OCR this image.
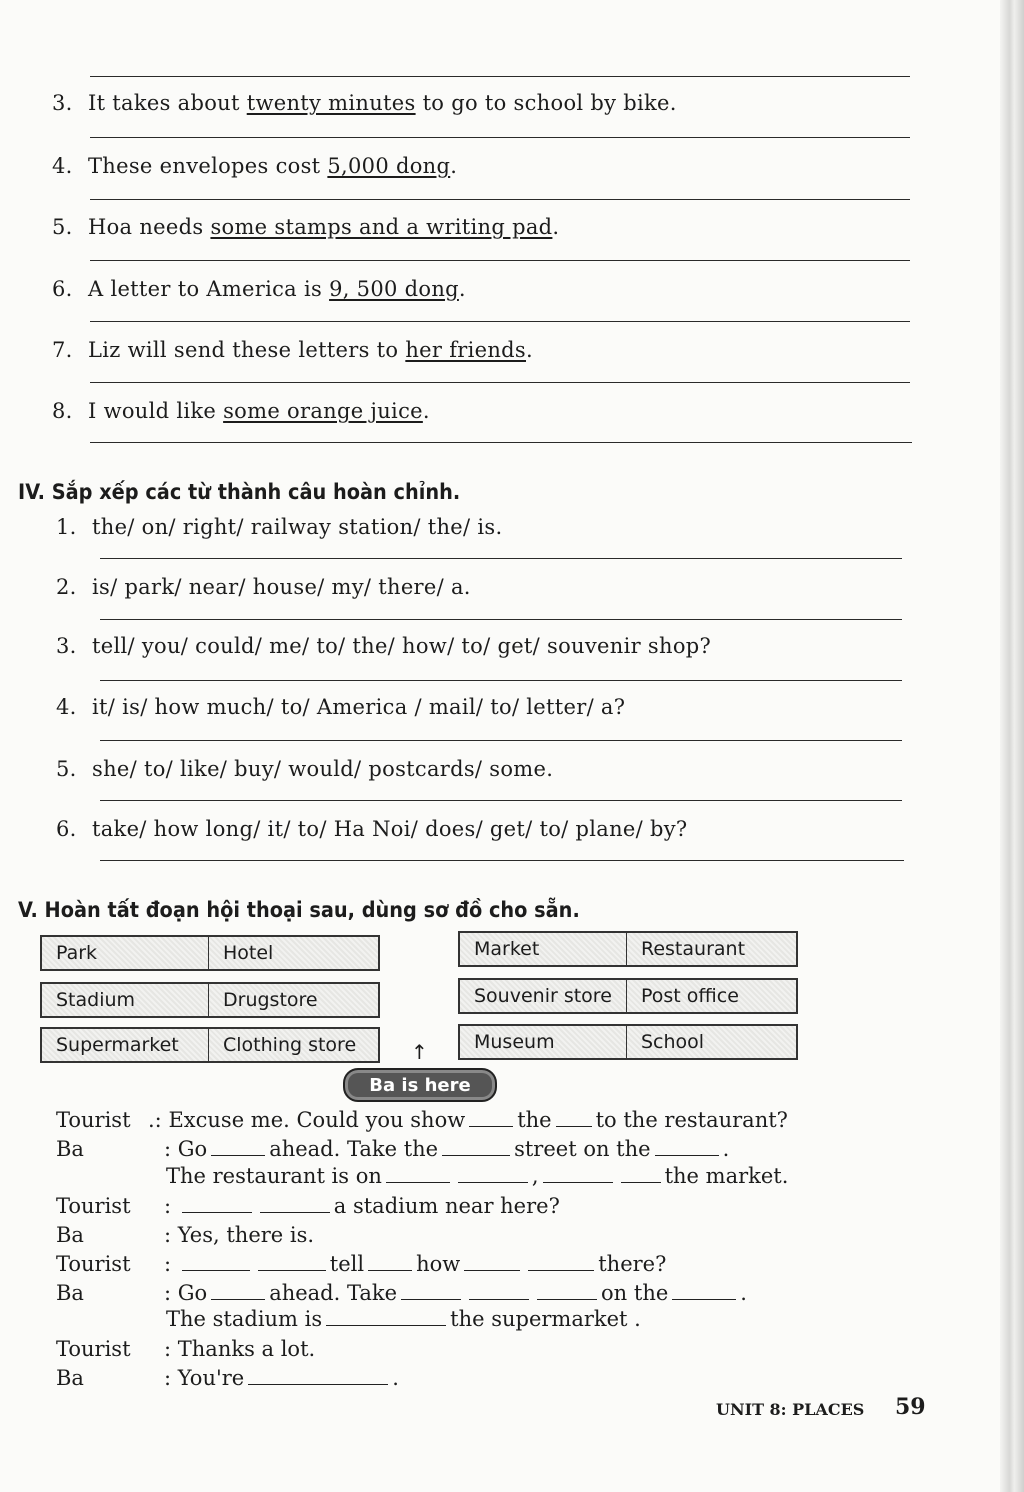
3. It takes about twenty minutes to go to school by bike.
4. These envelopes cost 5,000 dong.
5. Hoa needs some stamps and a writing pad.
6. A letter to America is 9, 500 dong.
7. Liz will send these letters to her friends.
8. I would like some orange juice.
IV. Sắp xếp các từ thành câu hoàn chỉnh.
1. the/ on/ right/ railway station/ the/ is.
2. is/ park/ near/ house/ my/ there/ a.
3. tell/ you/ could/ me/ to/ the/ how/ to/ get/ souvenir shop?
4. it/ is/ how much/ to/ America / mail/ to/ letter/ a?
5. she/ to/ like/ buy/ would/ postcards/ some.
6. take/ how long/ it/ to/ Ha Noi/ does/ get/ to/ plane/ by?
V. Hoàn tất đoạn hội thoại sau, dùng sơ đồ cho sẵn.
Park	Hotel
Stadium	Drugstore
Supermarket	Clothing store
Market	Restaurant
Souvenir store	Post office
Museum	School
↑
Ba is here
Tourist .: Excuse me. Could you show the to the restaurant?
Ba	: Go	ahead. Take the	street on the	.
The restaurant is on	,	the market.
Tourist :	a stadium near here?
Ba	: Yes, there is.
Tourist :	tell how	there?
Ba	: Go	ahead. Take	on the	.
The stadium is	the supermarket .
Tourist : Thanks a lot.
Ba	: You're	.
UNIT 8: PLACES 59
